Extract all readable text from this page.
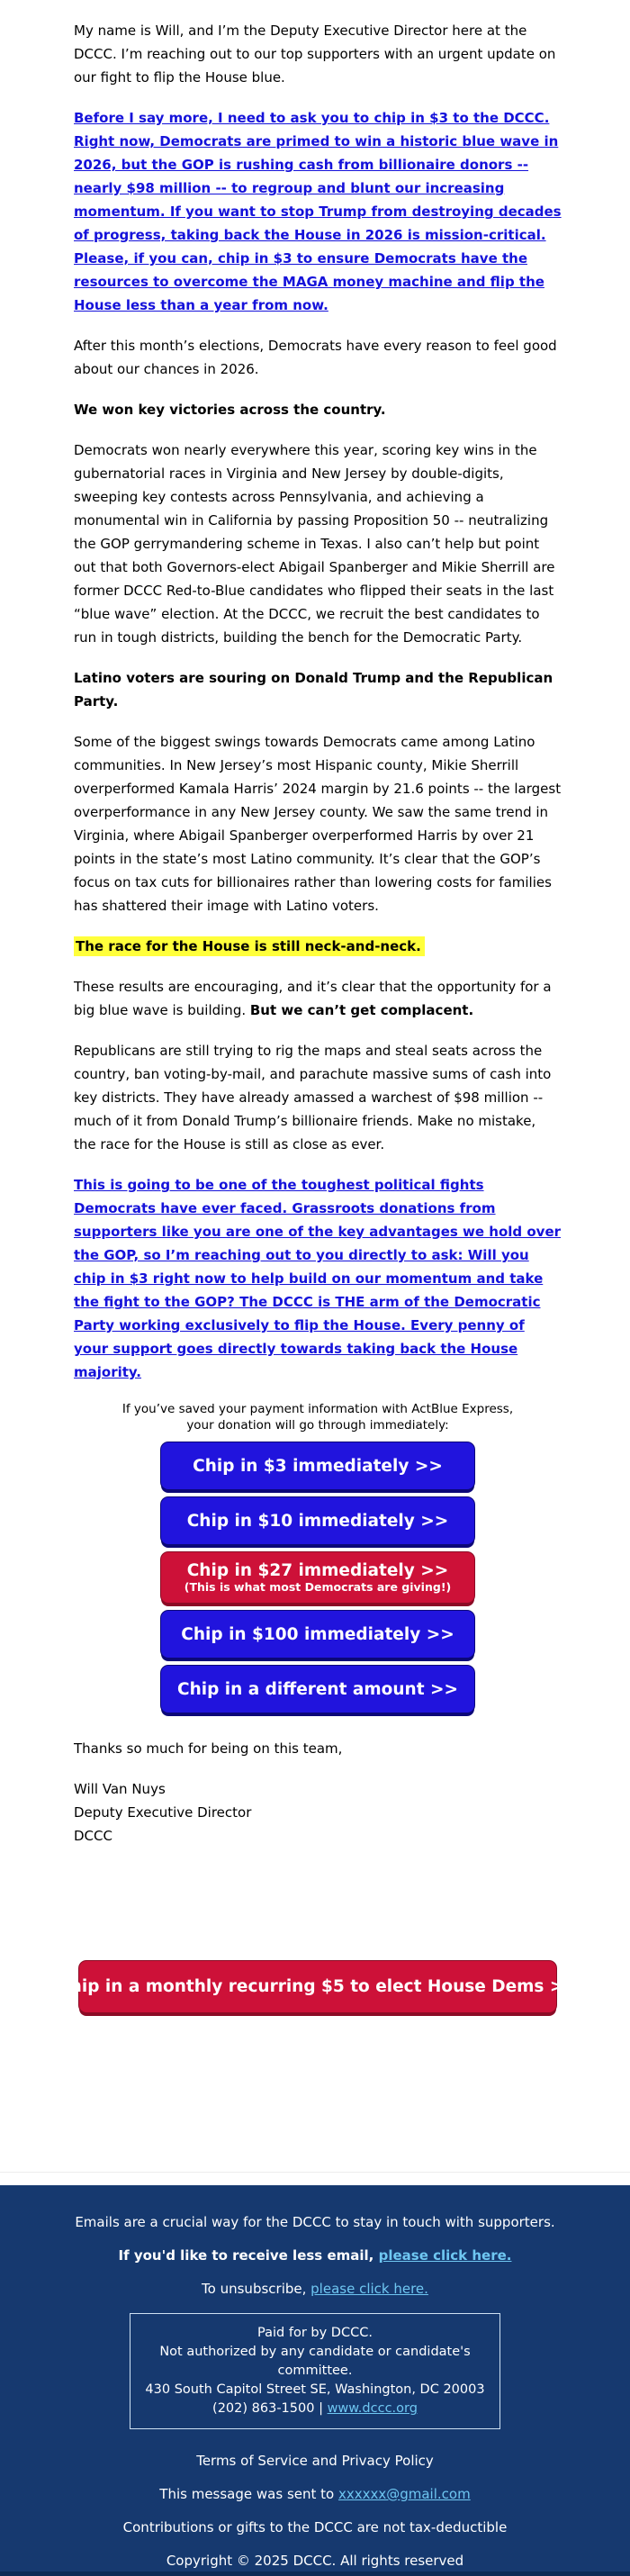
My name is Will, and I’m the Deputy Executive Director here at the DCCC. I’m reaching out to our top supporters with an urgent update on our fight to flip the House blue.

Before I say more, I need to ask you to chip in $3 to the DCCC. Right now, Democrats are primed to win a historic blue wave in 2026, but the GOP is rushing cash from billionaire donors -- nearly $98 million -- to regroup and blunt our increasing momentum. If you want to stop Trump from destroying decades of progress, taking back the House in 2026 is mission-critical. Please, if you can, chip in $3 to ensure Democrats have the resources to overcome the MAGA money machine and flip the House less than a year from now.

After this month’s elections, Democrats have every reason to feel good about our chances in 2026.

We won key victories across the country.

Democrats won nearly everywhere this year, scoring key wins in the gubernatorial races in Virginia and New Jersey by double-digits, sweeping key contests across Pennsylvania, and achieving a monumental win in California by passing Proposition 50 -- neutralizing the GOP gerrymandering scheme in Texas. I also can’t help but point out that both Governors-elect Abigail Spanberger and Mikie Sherrill are former DCCC Red-to-Blue candidates who flipped their seats in the last “blue wave” election. At the DCCC, we recruit the best candidates to run in tough districts, building the bench for the Democratic Party.

Latino voters are souring on Donald Trump and the Republican Party.

Some of the biggest swings towards Democrats came among Latino communities. In New Jersey’s most Hispanic county, Mikie Sherrill overperformed Kamala Harris’ 2024 margin by 21.6 points -- the largest overperformance in any New Jersey county. We saw the same trend in Virginia, where Abigail Spanberger overperformed Harris by over 21 points in the state’s most Latino community. It’s clear that the GOP’s focus on tax cuts for billionaires rather than lowering costs for families has shattered their image with Latino voters.

The race for the House is still neck-and-neck.

These results are encouraging, and it’s clear that the opportunity for a big blue wave is building. But we can’t get complacent.

Republicans are still trying to rig the maps and steal seats across the country, ban voting-by-mail, and parachute massive sums of cash into key districts. They have already amassed a warchest of $98 million -- much of it from Donald Trump’s billionaire friends. Make no mistake, the race for the House is still as close as ever.

This is going to be one of the toughest political fights Democrats have ever faced. Grassroots donations from supporters like you are one of the key advantages we hold over the GOP, so I’m reaching out to you directly to ask: Will you chip in $3 right now to help build on our momentum and take the fight to the GOP? The DCCC is THE arm of the Democratic Party working exclusively to flip the House. Every penny of your support goes directly towards taking back the House majority.
If you’ve saved your payment information with ActBlue Express,
your donation will go through immediately:
Chip in $3 immediately >>
Chip in $10 immediately >>
Chip in $27 immediately >>
(This is what most Democrats are giving!)
Chip in $100 immediately >>
Chip in a different amount >>

Thanks so much for being on this team,

Will Van Nuys
Deputy Executive Director
DCCC
Chip in a monthly recurring $5 to elect House Dems >>
Emails are a crucial way for the DCCC to stay in touch with supporters.
If you'd like to receive less email, please click here.
To unsubscribe, please click here.
Paid for by DCCC.
Not authorized by any candidate or candidate's committee.
430 South Capitol Street SE, Washington, DC 20003
(202) 863-1500 | www.dccc.org
Terms of Service and Privacy Policy
This message was sent to xxxxxx@gmail.com
Contributions or gifts to the DCCC are not tax-deductible
Copyright © 2025 DCCC. All rights reserved
